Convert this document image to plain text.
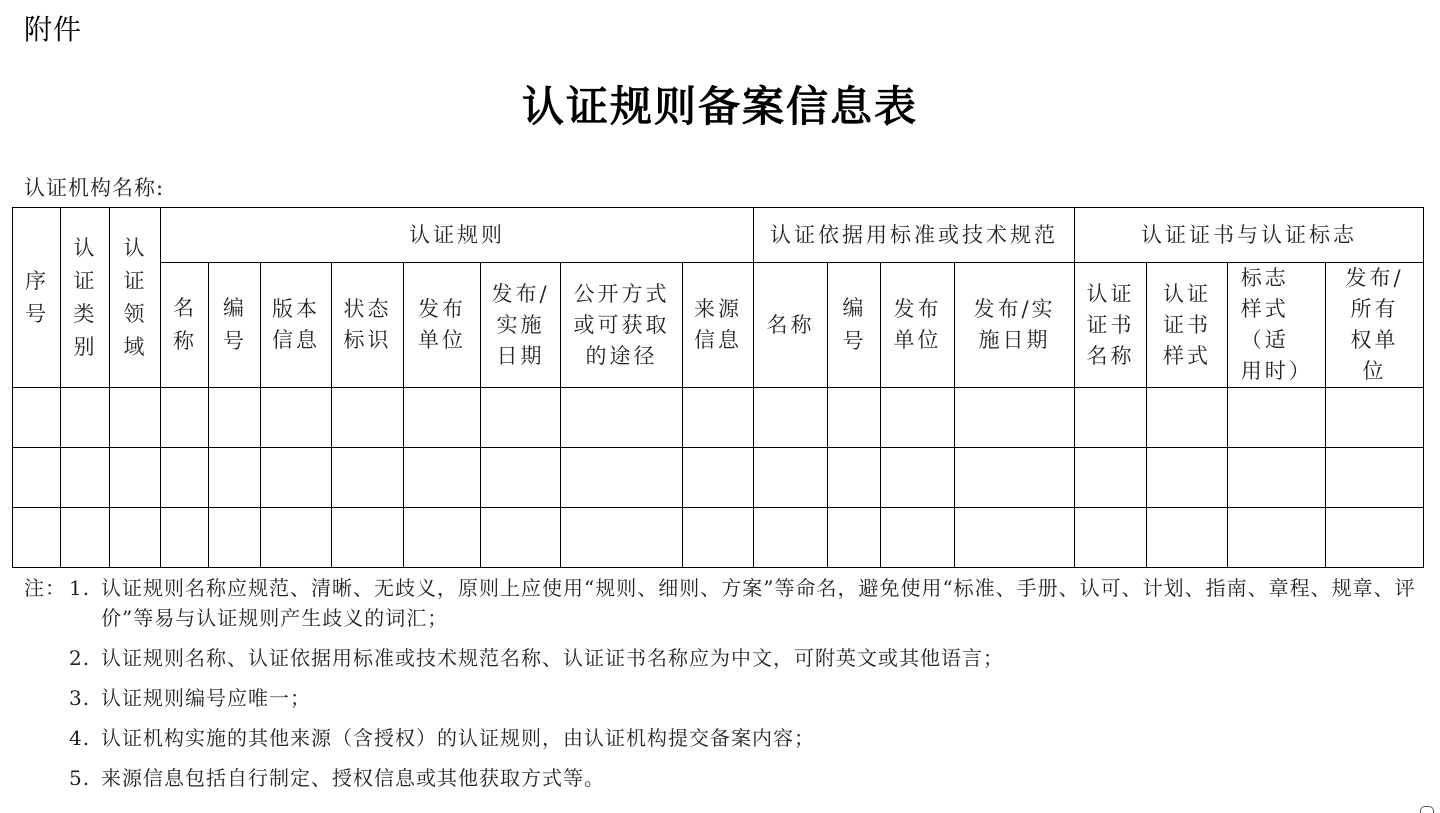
附件
认证规则备案信息表
认证机构名称:
序号	认证类别	认证领域	认证规则								认证依据用标准或技术规范				认证证书与认证标志			
			名称	编号	版本信息	状态标识	发布单位	发布/实施日期	公开方式或可获取的途径	来源信息	名称	编号	发布单位	发布/实施日期	认证证书名称	认证证书样式	标志样式（适用时）	发布/所有权单位

注： 1. 认证规则名称应规范、清晰、无歧义，原则上应使用“规则、细则、方案”等命名，避免使用“标准、手册、认可、计划、指南、章程、规章、评价”等易与认证规则产生歧义的词汇；
2. 认证规则名称、认证依据用标准或技术规范名称、认证证书名称应为中文，可附英文或其他语言；
3. 认证规则编号应唯一；
4. 认证机构实施的其他来源（含授权）的认证规则，由认证机构提交备案内容；
5. 来源信息包括自行制定、授权信息或其他获取方式等。
